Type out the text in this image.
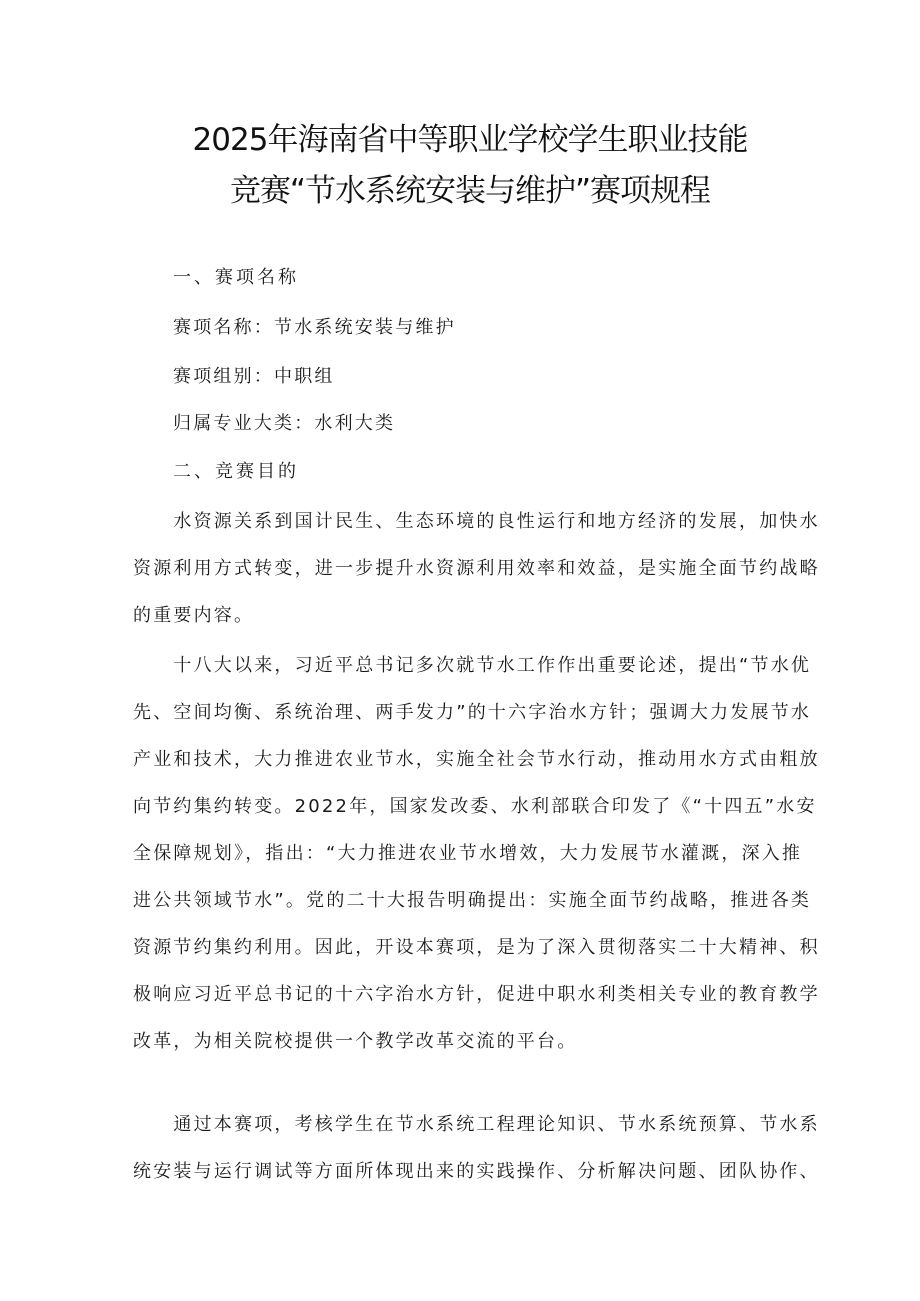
2025年海南省中等职业学校学生职业技能
竞赛“节水系统安装与维护”赛项规程
一、赛项名称
赛项名称：节水系统安装与维护
赛项组别：中职组
归属专业大类：水利大类
二、竞赛目的
　　水资源关系到国计民生、生态环境的良性运行和地方经济的发展，加快水
资源利用方式转变，进一步提升水资源利用效率和效益，是实施全面节约战略
的重要内容。
　　十八大以来，习近平总书记多次就节水工作作出重要论述，提出“节水优
先、空间均衡、系统治理、两手发力”的十六字治水方针；强调大力发展节水
产业和技术，大力推进农业节水，实施全社会节水行动，推动用水方式由粗放
向节约集约转变。2022年，国家发改委、水利部联合印发了《“十四五”水安
全保障规划》，指出：“大力推进农业节水增效，大力发展节水灌溉，深入推
进公共领域节水”。党的二十大报告明确提出：实施全面节约战略，推进各类
资源节约集约利用。因此，开设本赛项，是为了深入贯彻落实二十大精神、积
极响应习近平总书记的十六字治水方针，促进中职水利类相关专业的教育教学
改革，为相关院校提供一个教学改革交流的平台。
　　通过本赛项，考核学生在节水系统工程理论知识、节水系统预算、节水系
统安装与运行调试等方面所体现出来的实践操作、分析解决问题、团队协作、
